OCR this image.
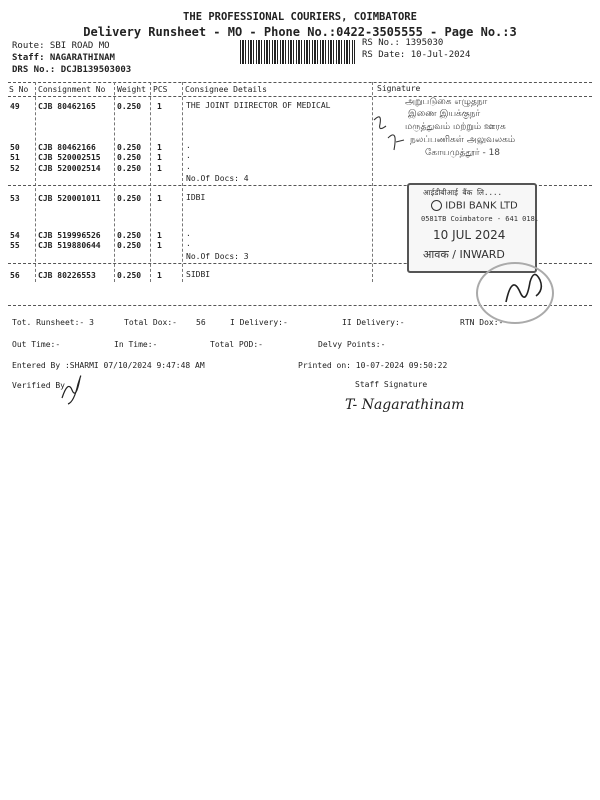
THE PROFESSIONAL COURIERS, COIMBATORE
Delivery Runsheet - MO - Phone No.:0422-3505555 - Page No.:3
Route: SBI ROAD MO
Staff: NAGARATHINAM
DRS No.: DCJB139503003
RS No.: 1395030
RS Date: 10-Jul-2024
S No Consignment No Weight PCS Consignee Details	Signature
49 CJB 80462165	0.250 1	THE JOINT DIIRECTOR OF MEDICAL
50 CJB 80462166	0.250 1	.
51 CJB 520002515 0.250 1	.
52 CJB 520002514 0.250 1	.
No.Of Docs: 4
53 CJB 520001011 0.250 1	IDBI
54 CJB 519996526 0.250 1	.
55 CJB 519880644 0.250 1	.
No.Of Docs: 3
56 CJB 80226553	0.250 1	SIDBI
அறுபடுகை எழுதநா
இணை இயக்குநர்
மருத்துவம் மற்றும் ஊரக
நலப்பணிகள் அலுவலகம்
கோயமுத்தூர் - 18
आईडीबीआई बैंक लि....
IDBI BANK LTD
0581TB Coimbatore - 641 018.
10 JUL 2024
आवक / INWARD
Tot. Runsheet:- 3	Total Dox:- 56	I Delivery:-	II Delivery:-	RTN Dox:-
Out Time:-	In Time:-	Total POD:-	Delvy Points:-
Entered By :SHARMI 07/10/2024 9:47:48 AM	Printed on: 10-07-2024 09:50:22
Verified By	Staff Signature
T- Nagarathinam
